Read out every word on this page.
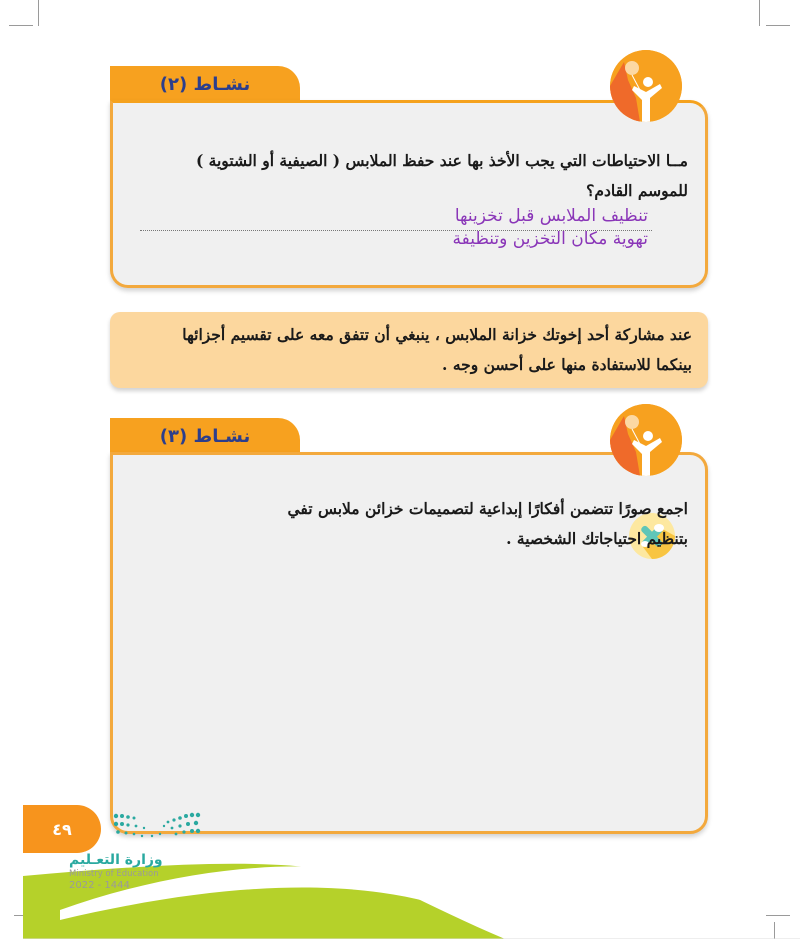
نشـاط (٢)
مــا الاحتياطات التي يجب الأخذ بها عند حفظ الملابس ( الصيفية أو الشتوية )
للموسم القادم؟
تنظيف الملابس قبل تخزينها
تهوية مكان التخزين وتنظيفة
عند مشاركة أحد إخوتك خزانة الملابس ، ينبغي أن تتفق معه على تقسيم أجزائها
بينكما للاستفادة منها على أحسن وجه .
نشـاط (٣)
اجمع صورًا تتضمن أفكارًا إبداعية لتصميمات خزائن ملابس تفي
بتنظيم احتياجاتك الشخصية .
٤٩
وزارة التعـليم
Ministry of Education
2022 - 1444
